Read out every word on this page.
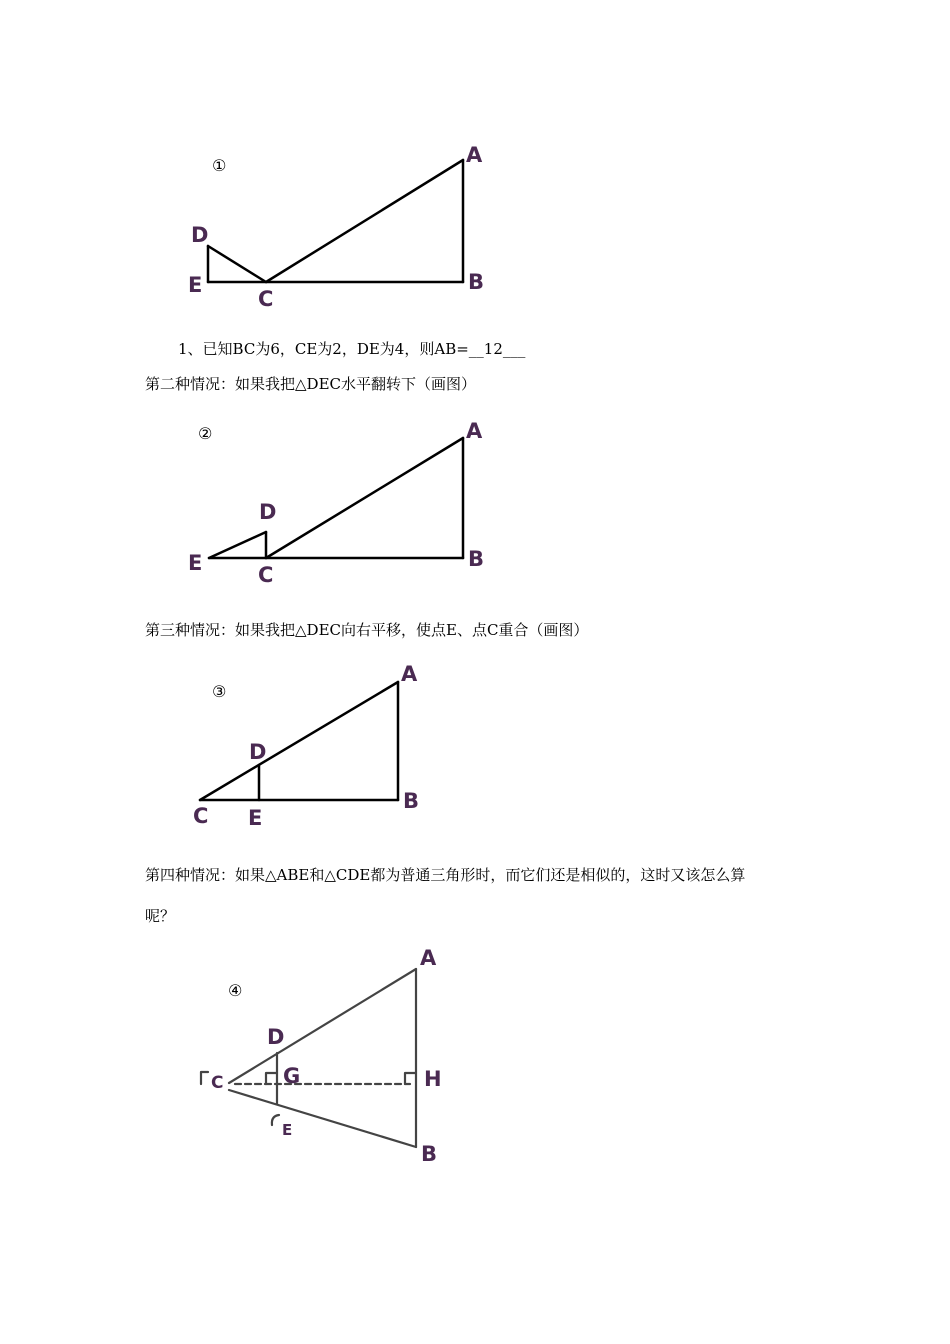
①	A
D
E	B
C
1、已知BC为6，CE为2，DE为4，则AB=__12___
第二种情况：如果我把△DEC水平翻转下（画图）
②	A
D
E	B
C
第三种情况：如果我把△DEC向右平移，使点E、点C重合（画图）
③
A
D
C E
B
第四种情况：如果△ABE和△CDE都为普通三角形时，而它们还是相似的，这时又该怎么算
呢？
④
A
D
G	H
C
E
B
